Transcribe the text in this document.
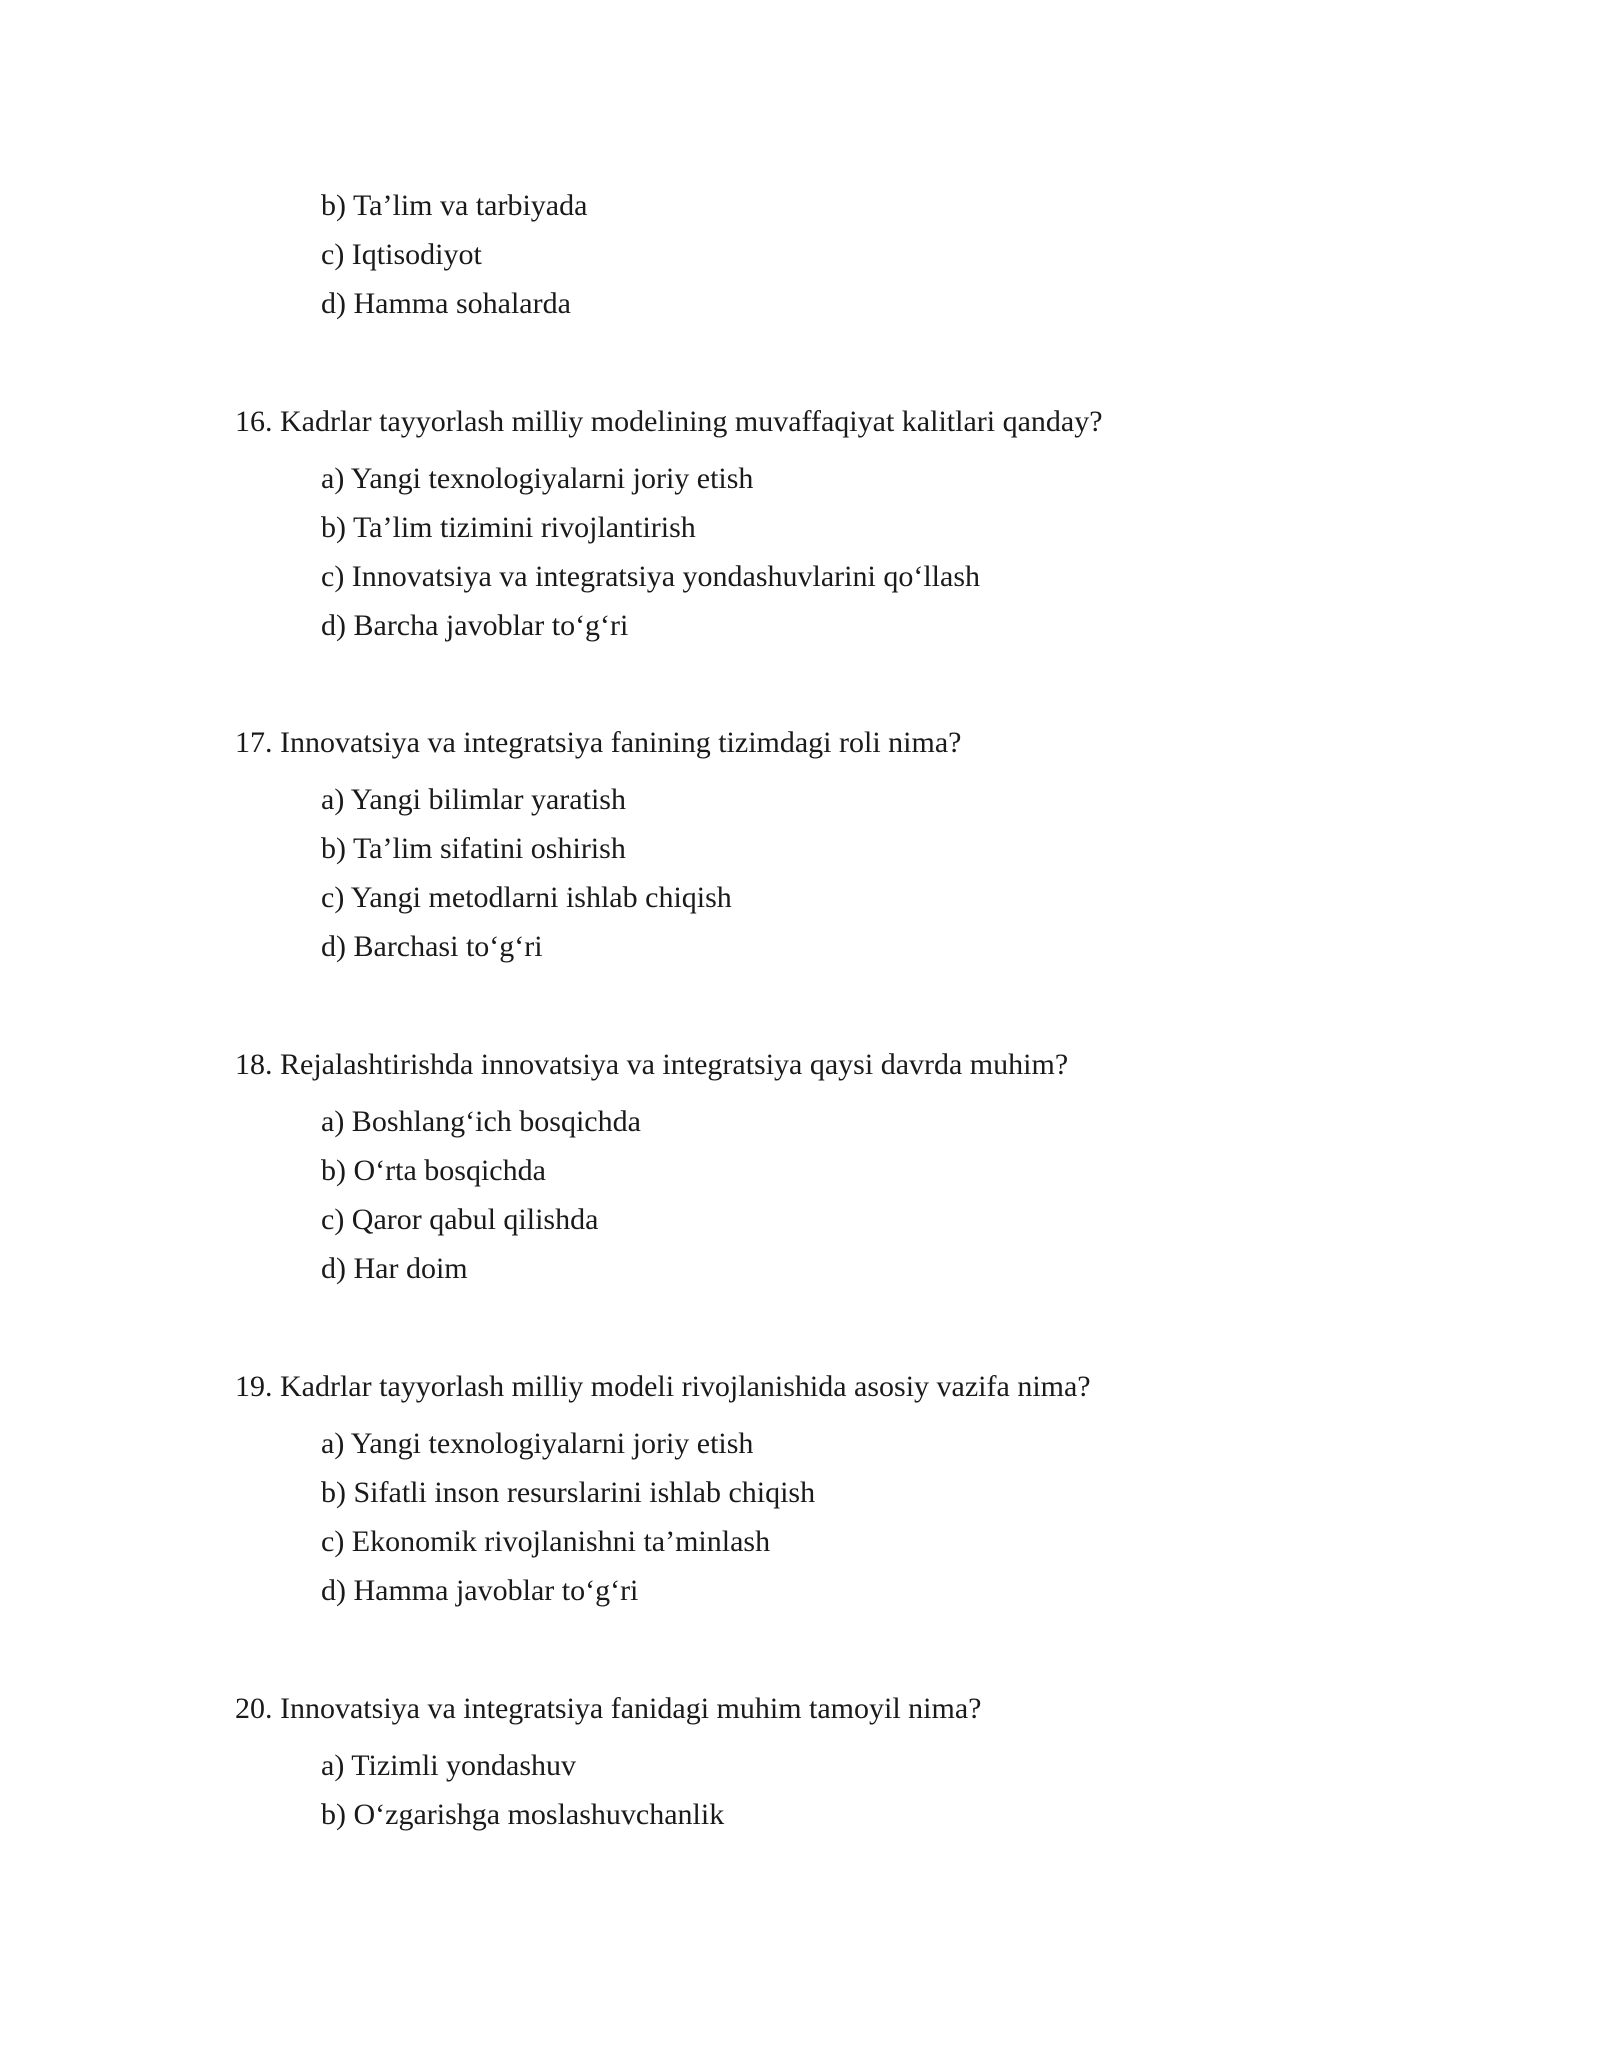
b) Ta’lim va tarbiyada
c) Iqtisodiyot
d) Hamma sohalarda
16. Kadrlar tayyorlash milliy modelining muvaffaqiyat kalitlari qanday?
a) Yangi texnologiyalarni joriy etish
b) Ta’lim tizimini rivojlantirish
c) Innovatsiya va integratsiya yondashuvlarini qo‘llash
d) Barcha javoblar to‘g‘ri
17. Innovatsiya va integratsiya fanining tizimdagi roli nima?
a) Yangi bilimlar yaratish
b) Ta’lim sifatini oshirish
c) Yangi metodlarni ishlab chiqish
d) Barchasi to‘g‘ri
18. Rejalashtirishda innovatsiya va integratsiya qaysi davrda muhim?
a) Boshlang‘ich bosqichda
b) O‘rta bosqichda
c) Qaror qabul qilishda
d) Har doim
19. Kadrlar tayyorlash milliy modeli rivojlanishida asosiy vazifa nima?
a) Yangi texnologiyalarni joriy etish
b) Sifatli inson resurslarini ishlab chiqish
c) Ekonomik rivojlanishni ta’minlash
d) Hamma javoblar to‘g‘ri
20. Innovatsiya va integratsiya fanidagi muhim tamoyil nima?
a) Tizimli yondashuv
b) O‘zgarishga moslashuvchanlik
